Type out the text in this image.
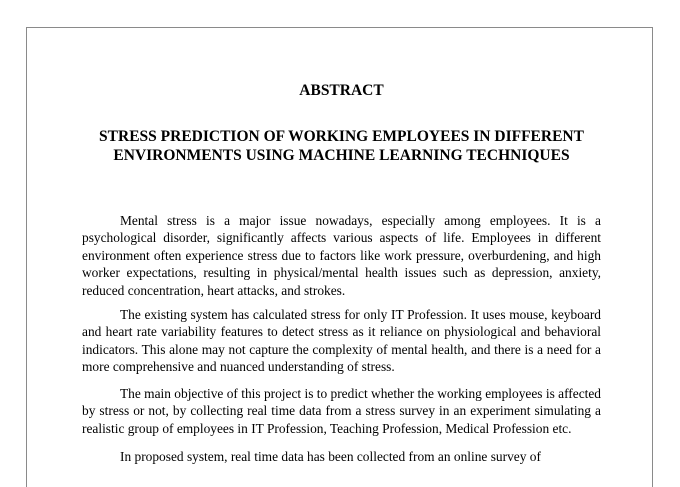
ABSTRACT
STRESS PREDICTION OF WORKING EMPLOYEES IN DIFFERENT ENVIRONMENTS USING MACHINE LEARNING TECHNIQUES

Mental stress is a major issue nowadays, especially among employees. It is a psychological disorder, significantly affects various aspects of life. Employees in different environment often experience stress due to factors like work pressure, overburdening, and high worker expectations, resulting in physical/mental health issues such as depression, anxiety, reduced concentration, heart attacks, and strokes.

The existing system has calculated stress for only IT Profession. It uses mouse, keyboard and heart rate variability features to detect stress as it reliance on physiological and behavioral indicators. This alone may not capture the complexity of mental health, and there is a need for a more comprehensive and nuanced understanding of stress.

The main objective of this project is to predict whether the working employees is affected by stress or not, by collecting real time data from a stress survey in an experiment simulating a realistic group of employees in IT Profession, Teaching Profession, Medical Profession etc.

In proposed system, real time data has been collected from an online survey of
